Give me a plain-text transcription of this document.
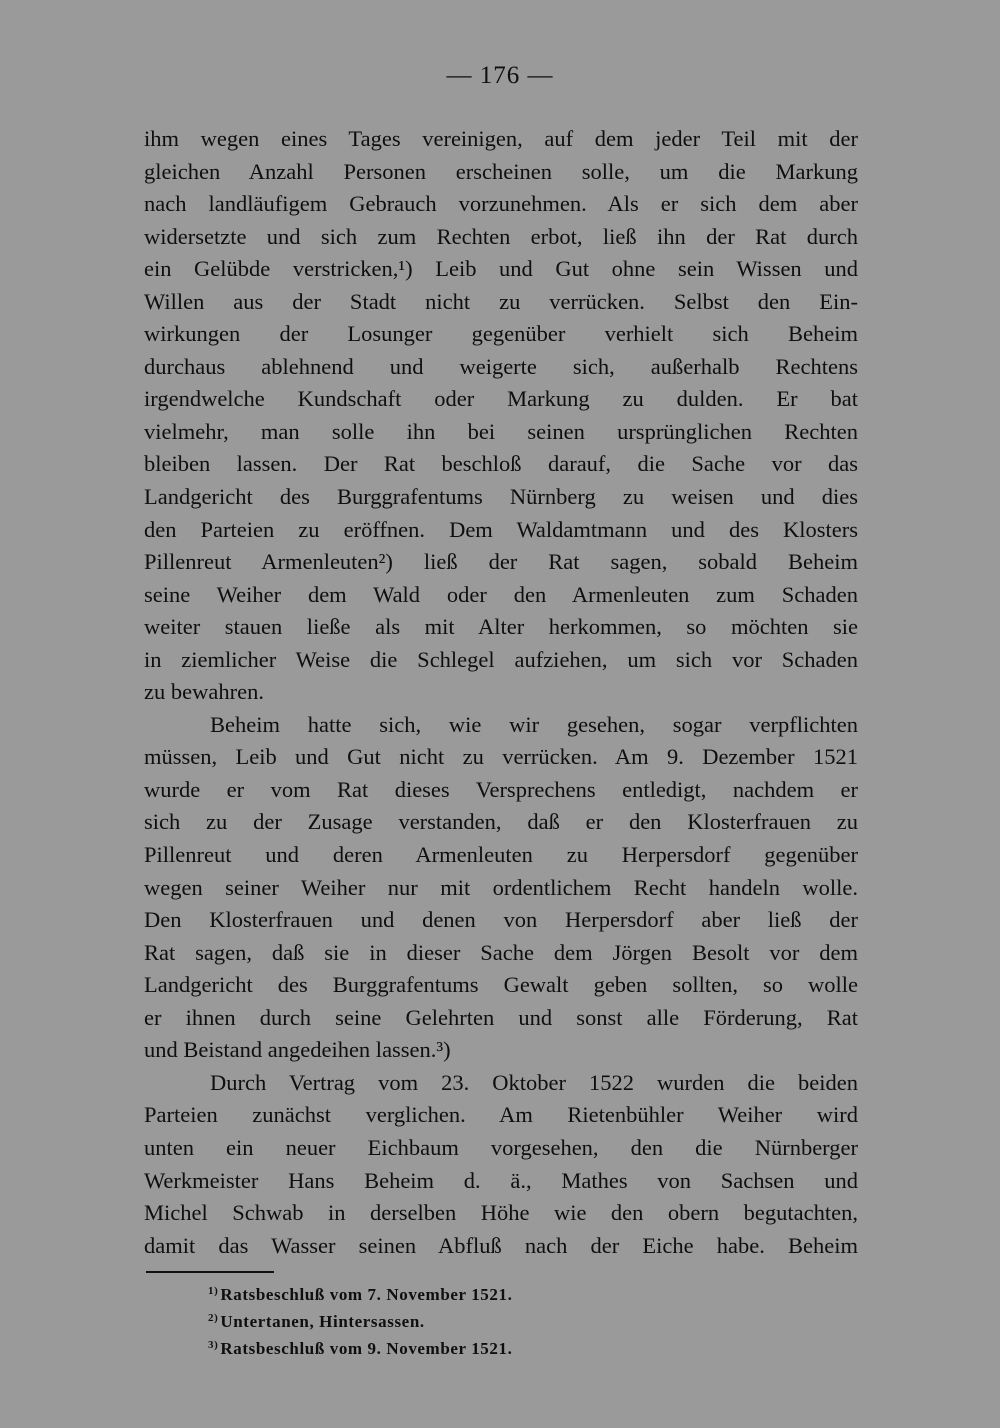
— 176 —
ihm wegen eines Tages vereinigen, auf dem jeder Teil mit der
gleichen Anzahl Personen erscheinen solle, um die Markung
nach landläufigem Gebrauch vorzunehmen. Als er sich dem aber
widersetzte und sich zum Rechten erbot, ließ ihn der Rat durch
ein Gelübde verstricken,¹) Leib und Gut ohne sein Wissen und
Willen aus der Stadt nicht zu verrücken. Selbst den Ein-
wirkungen der Losunger gegenüber verhielt sich Beheim
durchaus ablehnend und weigerte sich, außerhalb Rechtens
irgendwelche Kundschaft oder Markung zu dulden. Er bat
vielmehr, man solle ihn bei seinen ursprünglichen Rechten
bleiben lassen. Der Rat beschloß darauf, die Sache vor das
Landgericht des Burggrafentums Nürnberg zu weisen und dies
den Parteien zu eröffnen. Dem Waldamtmann und des Klosters
Pillenreut Armenleuten²) ließ der Rat sagen, sobald Beheim
seine Weiher dem Wald oder den Armenleuten zum Schaden
weiter stauen ließe als mit Alter herkommen, so möchten sie
in ziemlicher Weise die Schlegel aufziehen, um sich vor Schaden
zu bewahren.
Beheim hatte sich, wie wir gesehen, sogar verpflichten
müssen, Leib und Gut nicht zu verrücken. Am 9. Dezember 1521
wurde er vom Rat dieses Versprechens entledigt, nachdem er
sich zu der Zusage verstanden, daß er den Klosterfrauen zu
Pillenreut und deren Armenleuten zu Herpersdorf gegenüber
wegen seiner Weiher nur mit ordentlichem Recht handeln wolle.
Den Klosterfrauen und denen von Herpersdorf aber ließ der
Rat sagen, daß sie in dieser Sache dem Jörgen Besolt vor dem
Landgericht des Burggrafentums Gewalt geben sollten, so wolle
er ihnen durch seine Gelehrten und sonst alle Förderung, Rat
und Beistand angedeihen lassen.³)
Durch Vertrag vom 23. Oktober 1522 wurden die beiden
Parteien zunächst verglichen. Am Rietenbühler Weiher wird
unten ein neuer Eichbaum vorgesehen, den die Nürnberger
Werkmeister Hans Beheim d. ä., Mathes von Sachsen und
Michel Schwab in derselben Höhe wie den obern begutachten,
damit das Wasser seinen Abfluß nach der Eiche habe. Beheim
$^{1)}$ Ratsbeschluß vom 7. November 1521.
$^{2)}$ Untertanen, Hintersassen.
$^{3)}$ Ratsbeschluß vom 9. November 1521.
